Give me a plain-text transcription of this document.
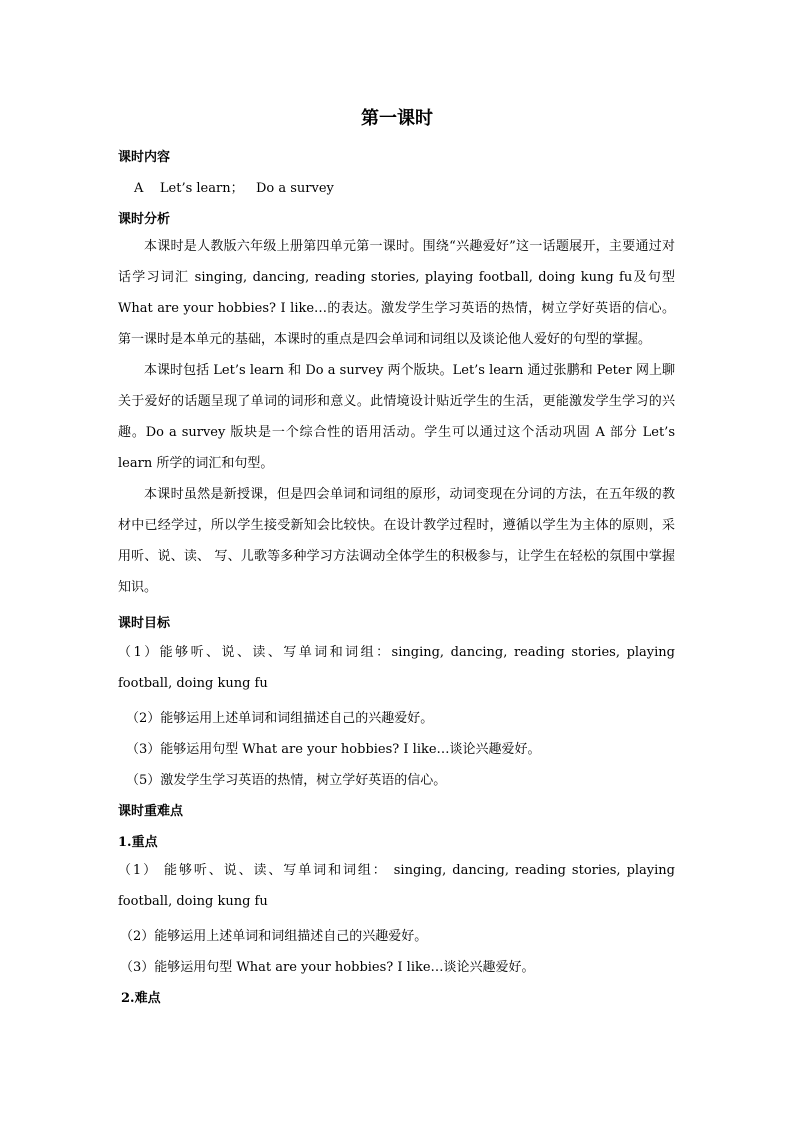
第一课时
课时内容
A    Let’s learn；   Do a survey
课时分析
本课时是人教版六年级上册第四单元第一课时。围绕“兴趣爱好”这一话题展开，主要通过对话学习词汇 singing, dancing, reading stories, playing football, doing kung fu及句型 What are your hobbies? I like…的表达。激发学生学习英语的热情，树立学好英语的信心。第一课时是本单元的基础，本课时的重点是四会单词和词组以及谈论他人爱好的句型的掌握。
本课时包括 Let’s learn 和 Do a survey 两个版块。Let’s learn 通过张鹏和 Peter 网上聊关于爱好的话题呈现了单词的词形和意义。此情境设计贴近学生的生活，更能激发学生学习的兴趣。Do a survey 版块是一个综合性的语用活动。学生可以通过这个活动巩固 A 部分 Let’s learn 所学的词汇和句型。
本课时虽然是新授课，但是四会单词和词组的原形，动词变现在分词的方法，在五年级的教材中已经学过，所以学生接受新知会比较快。在设计教学过程时，遵循以学生为主体的原则，采用听、说、读、 写、儿歌等多种学习方法调动全体学生的积极参与，让学生在轻松的氛围中掌握知识。
课时目标
（1）能够听、说、读、写单词和词组：singing, dancing, reading stories, playing football, doing kung fu
（2）能够运用上述单词和词组描述自己的兴趣爱好。
（3）能够运用句型 What are your hobbies? I like…谈论兴趣爱好。
（5）激发学生学习英语的热情，树立学好英语的信心。
课时重难点
1.重点
（1） 能够听、说、读、写单词和词组： singing, dancing, reading stories, playing football, doing kung fu
（2）能够运用上述单词和词组描述自己的兴趣爱好。
（3）能够运用句型 What are your hobbies? I like…谈论兴趣爱好。
2.难点
